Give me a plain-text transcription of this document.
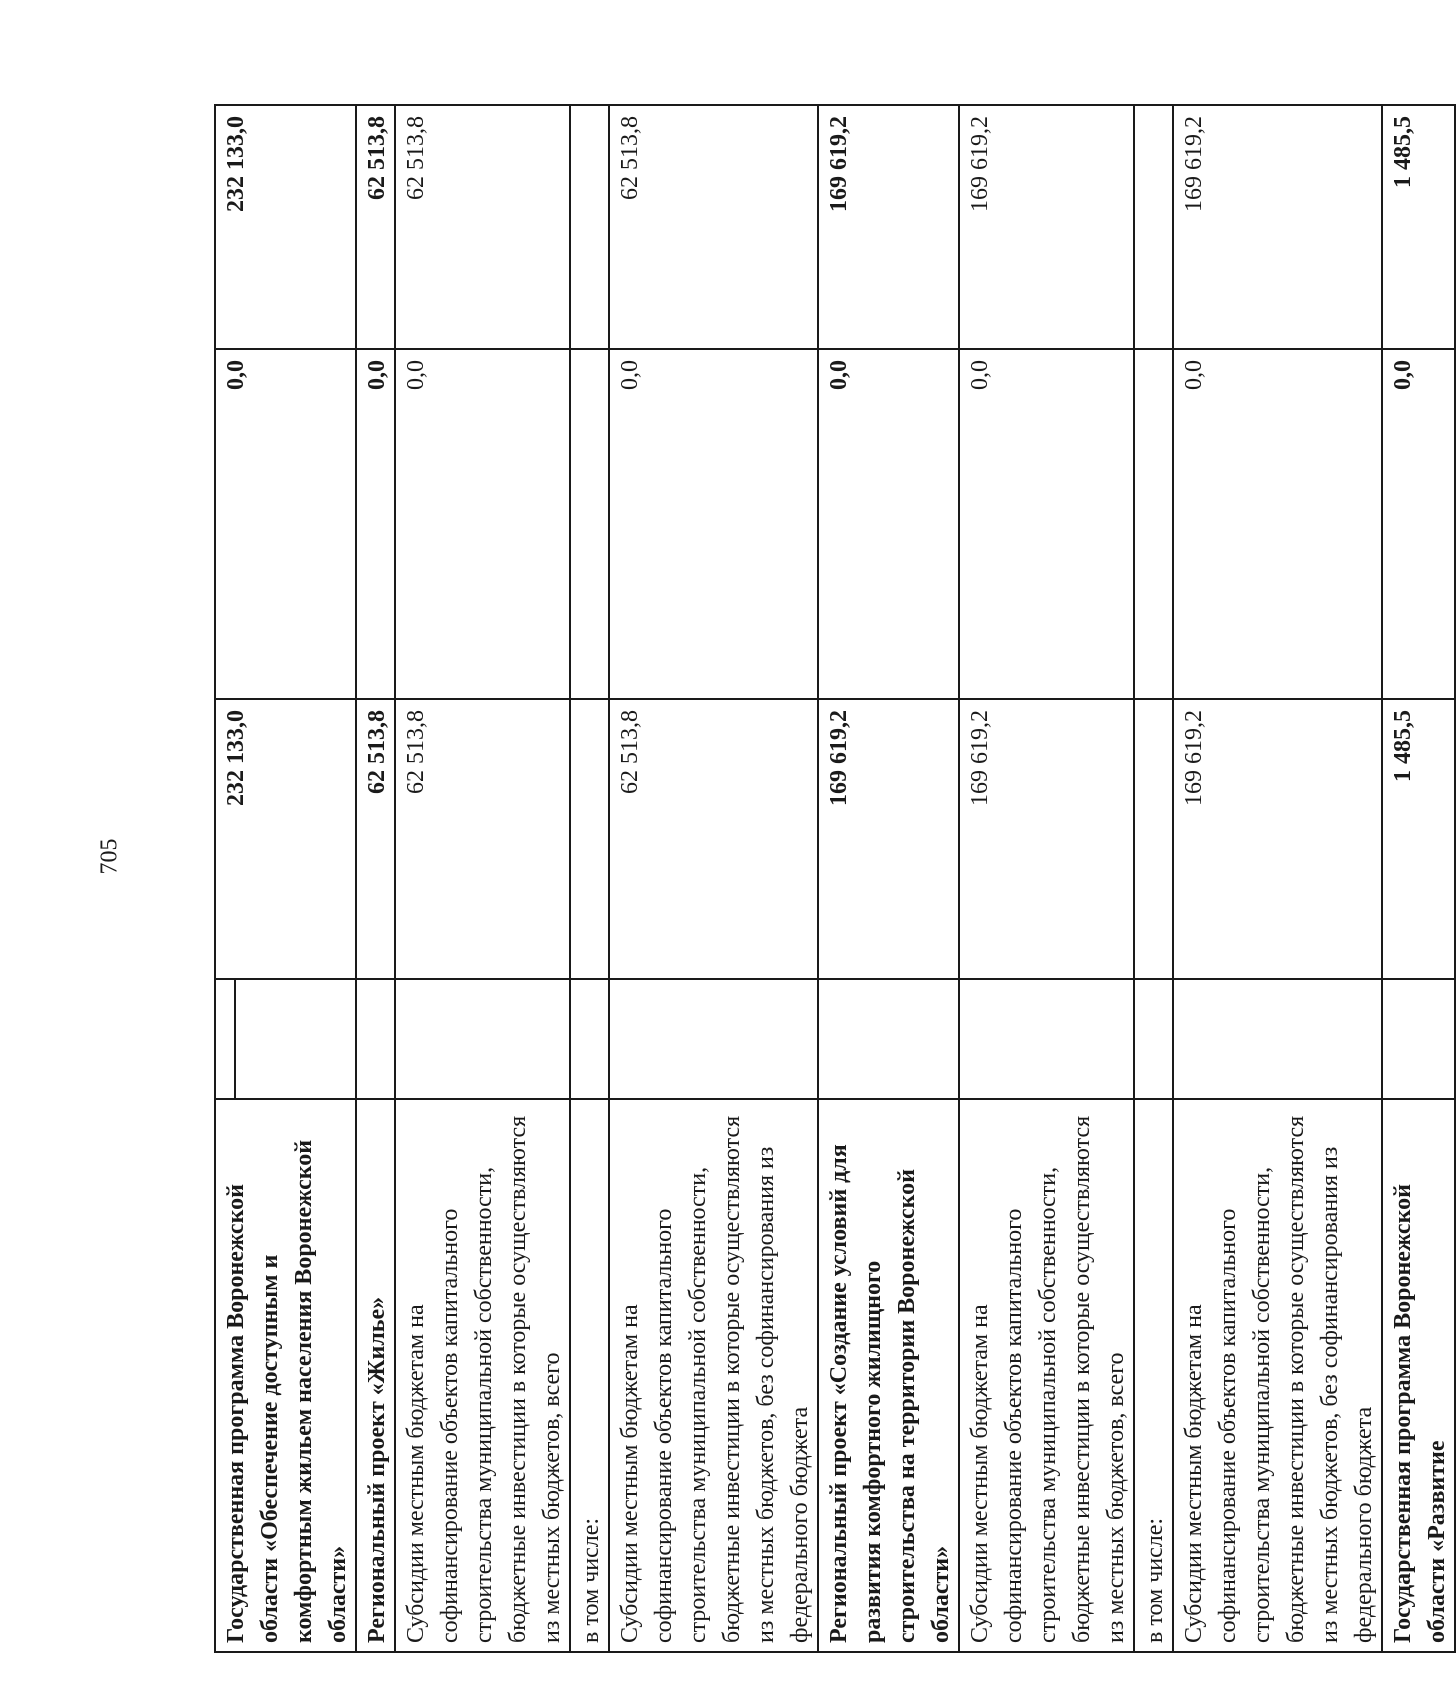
705
Государственная программа Воронежской области «Обеспечение доступным и комфортным жильем населения Воронежской области»		232 133,0	0,0	232 133,0
Региональный проект «Жилье»		62 513,8	0,0	62 513,8
Субсидии местным бюджетам на софинансирование объектов капитального строительства муниципальной собственности, бюджетные инвестиции в которые осуществляются из местных бюджетов, всего		62 513,8	0,0	62 513,8
в том числе:				
Субсидии местным бюджетам на софинансирование объектов капитального строительства муниципальной собственности, бюджетные инвестиции в которые осуществляются из местных бюджетов, без софинансирования из федерального бюджета		62 513,8	0,0	62 513,8
Региональный проект «Создание условий для развития комфортного жилищного строительства на территории Воронежской области»		169 619,2	0,0	169 619,2
Субсидии местным бюджетам на софинансирование объектов капитального строительства муниципальной собственности, бюджетные инвестиции в которые осуществляются из местных бюджетов, всего		169 619,2	0,0	169 619,2
в том числе:				
Субсидии местным бюджетам на софинансирование объектов капитального строительства муниципальной собственности, бюджетные инвестиции в которые осуществляются из местных бюджетов, без софинансирования из федерального бюджета		169 619,2	0,0	169 619,2
Государственная программа Воронежской области «Развитие		1 485,5	0,0	1 485,5
